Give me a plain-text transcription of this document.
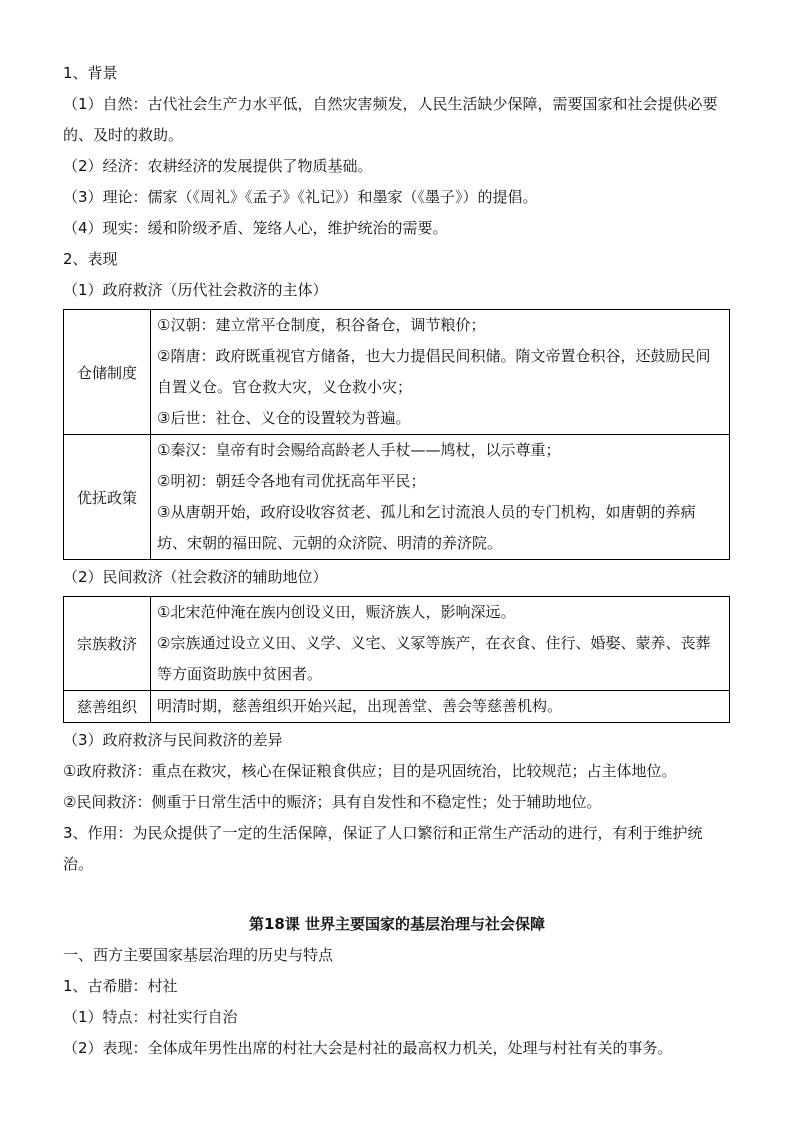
1、背景
（1）自然：古代社会生产力水平低，自然灾害频发，人民生活缺少保障，需要国家和社会提供必要的、及时的救助。
（2）经济：农耕经济的发展提供了物质基础。
（3）理论：儒家（《周礼》《孟子》《礼记》）和墨家（《墨子》）的提倡。
（4）现实：缓和阶级矛盾、笼络人心，维护统治的需要。
2、表现
（1）政府救济（历代社会救济的主体）
仓储制度	①汉朝：建立常平仓制度，积谷备仓，调节粮价；
②隋唐：政府既重视官方储备，也大力提倡民间积储。隋文帝置仓积谷，还鼓励民间自置义仓。官仓救大灾，义仓救小灾；
③后世：社仓、义仓的设置较为普遍。

优抚政策	①秦汉：皇帝有时会赐给高龄老人手杖——鸠杖，以示尊重；
②明初：朝廷令各地有司优抚高年平民；
③从唐朝开始，政府设收容贫老、孤儿和乞讨流浪人员的专门机构，如唐朝的养病坊、宋朝的福田院、元朝的众济院、明清的养济院。
（2）民间救济（社会救济的辅助地位）
宗族救济	①北宋范仲淹在族内创设义田，赈济族人，影响深远。
②宗族通过设立义田、义学、义宅、义冢等族产，在衣食、住行、婚娶、蒙养、丧葬等方面资助族中贫困者。

慈善组织	明清时期，慈善组织开始兴起，出现善堂、善会等慈善机构。
（3）政府救济与民间救济的差异
①政府救济：重点在救灾，核心在保证粮食供应；目的是巩固统治，比较规范；占主体地位。
②民间救济：侧重于日常生活中的赈济；具有自发性和不稳定性；处于辅助地位。
3、作用：为民众提供了一定的生活保障，保证了人口繁衍和正常生产活动的进行，有利于维护统治。
第18课 世界主要国家的基层治理与社会保障
一、西方主要国家基层治理的历史与特点
1、古希腊：村社
（1）特点：村社实行自治
（2）表现：全体成年男性出席的村社大会是村社的最高权力机关，处理与村社有关的事务。
